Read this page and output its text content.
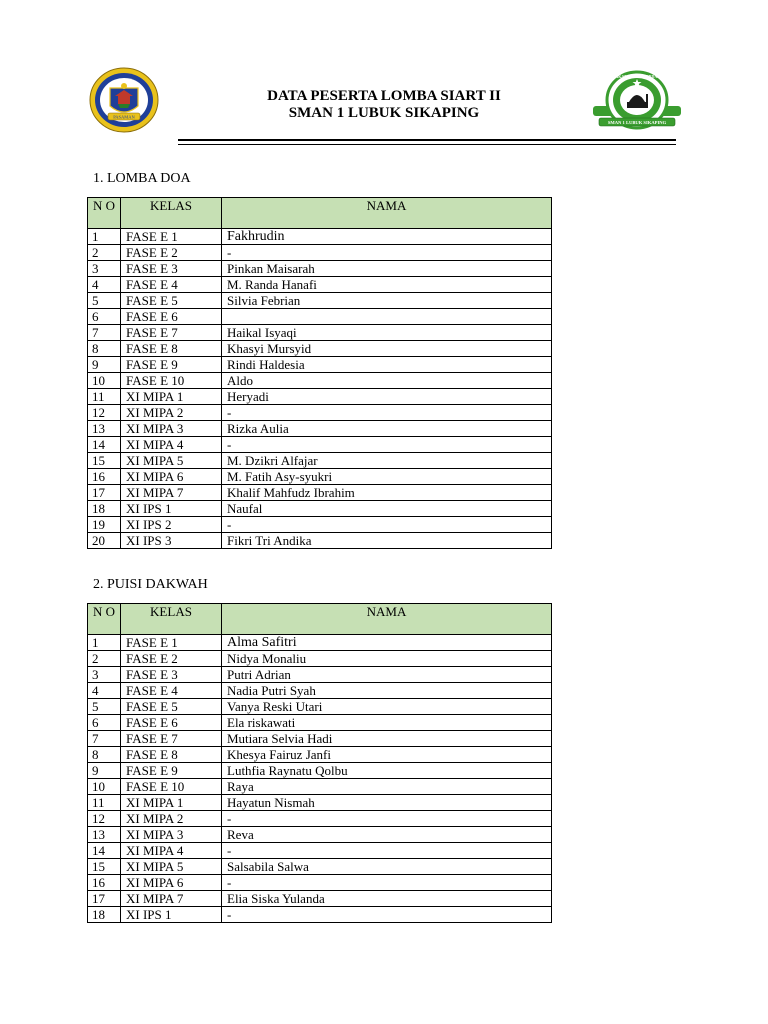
PASAMAN
DATA PESERTA LOMBA SIART II
SMAN 1 LUBUK SIKAPING
SIKAP ISLAMI CERDAS
SMAN 1 LUBUK SIKAPING
1. LOMBA DOA
N O	KELAS	NAMA
1	FASE E 1	Fakhrudin
2	FASE E 2	-
3	FASE E 3	Pinkan Maisarah
4	FASE E 4	M. Randa Hanafi
5	FASE E 5	Silvia Febrian
6	FASE E 6	
7	FASE E 7	Haikal Isyaqi
8	FASE E 8	Khasyi Mursyid
9	FASE E 9	Rindi Haldesia
10	FASE E 10	Aldo
11	XI MIPA 1	Heryadi
12	XI MIPA 2	-
13	XI MIPA 3	Rizka Aulia
14	XI MIPA 4	-
15	XI MIPA 5	M. Dzikri Alfajar
16	XI MIPA 6	M. Fatih Asy-syukri
17	XI MIPA 7	Khalif Mahfudz Ibrahim
18	XI IPS 1	Naufal
19	XI IPS 2	-
20	XI IPS 3	Fikri Tri Andika
2. PUISI DAKWAH
N O	KELAS	NAMA
1	FASE E 1	Alma Safitri
2	FASE E 2	Nidya Monaliu
3	FASE E 3	Putri Adrian
4	FASE E 4	Nadia Putri Syah
5	FASE E 5	Vanya Reski Utari
6	FASE E 6	Ela riskawati
7	FASE E 7	Mutiara Selvia Hadi
8	FASE E 8	Khesya Fairuz Janfi
9	FASE E 9	Luthfia Raynatu Qolbu
10	FASE E 10	Raya
11	XI MIPA 1	Hayatun Nismah
12	XI MIPA 2	-
13	XI MIPA 3	Reva
14	XI MIPA 4	-
15	XI MIPA 5	Salsabila Salwa
16	XI MIPA 6	-
17	XI MIPA 7	Elia Siska Yulanda
18	XI IPS 1	-
